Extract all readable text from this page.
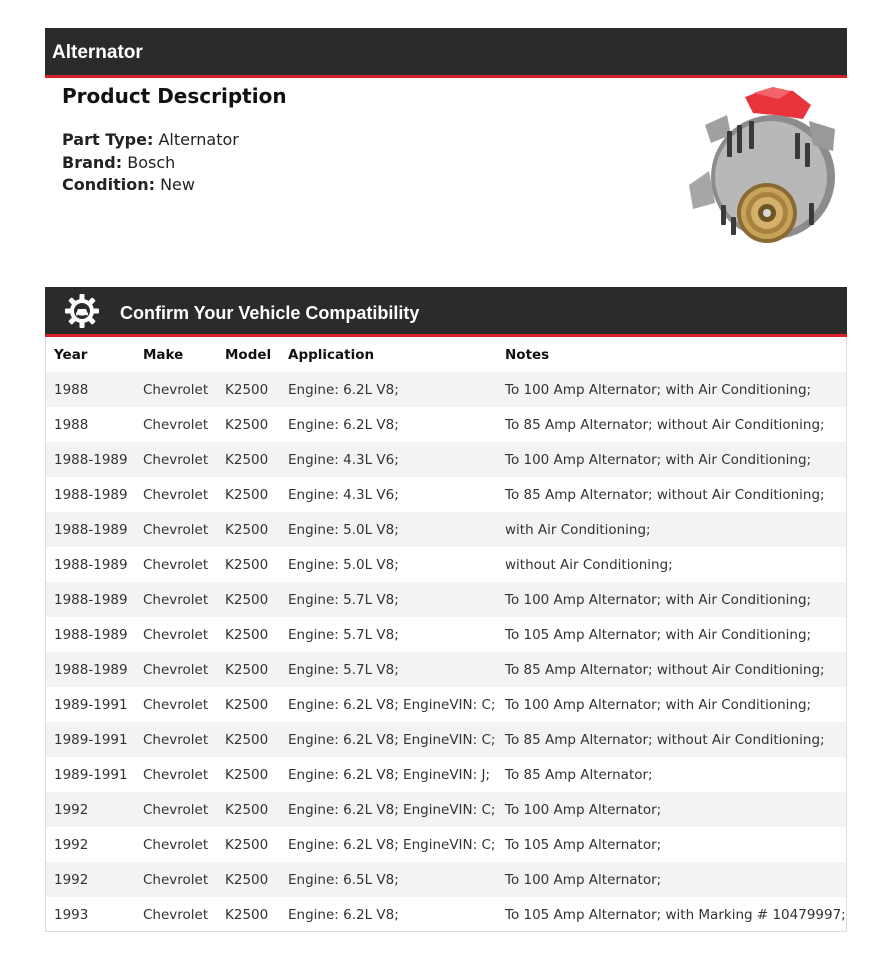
Alternator
Product Description
Part Type: Alternator
Brand: Bosch
Condition: New
Confirm Your Vehicle Compatibility
Year	Make	Model	Application	Notes
1988	Chevrolet	K2500	Engine: 6.2L V8;	To 100 Amp Alternator; with Air Conditioning;
1988	Chevrolet	K2500	Engine: 6.2L V8;	To 85 Amp Alternator; without Air Conditioning;
1988-1989	Chevrolet	K2500	Engine: 4.3L V6;	To 100 Amp Alternator; with Air Conditioning;
1988-1989	Chevrolet	K2500	Engine: 4.3L V6;	To 85 Amp Alternator; without Air Conditioning;
1988-1989	Chevrolet	K2500	Engine: 5.0L V8;	with Air Conditioning;
1988-1989	Chevrolet	K2500	Engine: 5.0L V8;	without Air Conditioning;
1988-1989	Chevrolet	K2500	Engine: 5.7L V8;	To 100 Amp Alternator; with Air Conditioning;
1988-1989	Chevrolet	K2500	Engine: 5.7L V8;	To 105 Amp Alternator; with Air Conditioning;
1988-1989	Chevrolet	K2500	Engine: 5.7L V8;	To 85 Amp Alternator; without Air Conditioning;
1989-1991	Chevrolet	K2500	Engine: 6.2L V8; EngineVIN: C;	To 100 Amp Alternator; with Air Conditioning;
1989-1991	Chevrolet	K2500	Engine: 6.2L V8; EngineVIN: C;	To 85 Amp Alternator; without Air Conditioning;
1989-1991	Chevrolet	K2500	Engine: 6.2L V8; EngineVIN: J;	To 85 Amp Alternator;
1992	Chevrolet	K2500	Engine: 6.2L V8; EngineVIN: C;	To 100 Amp Alternator;
1992	Chevrolet	K2500	Engine: 6.2L V8; EngineVIN: C;	To 105 Amp Alternator;
1992	Chevrolet	K2500	Engine: 6.5L V8;	To 100 Amp Alternator;
1993	Chevrolet	K2500	Engine: 6.2L V8;	To 105 Amp Alternator; with Marking # 10479997;
